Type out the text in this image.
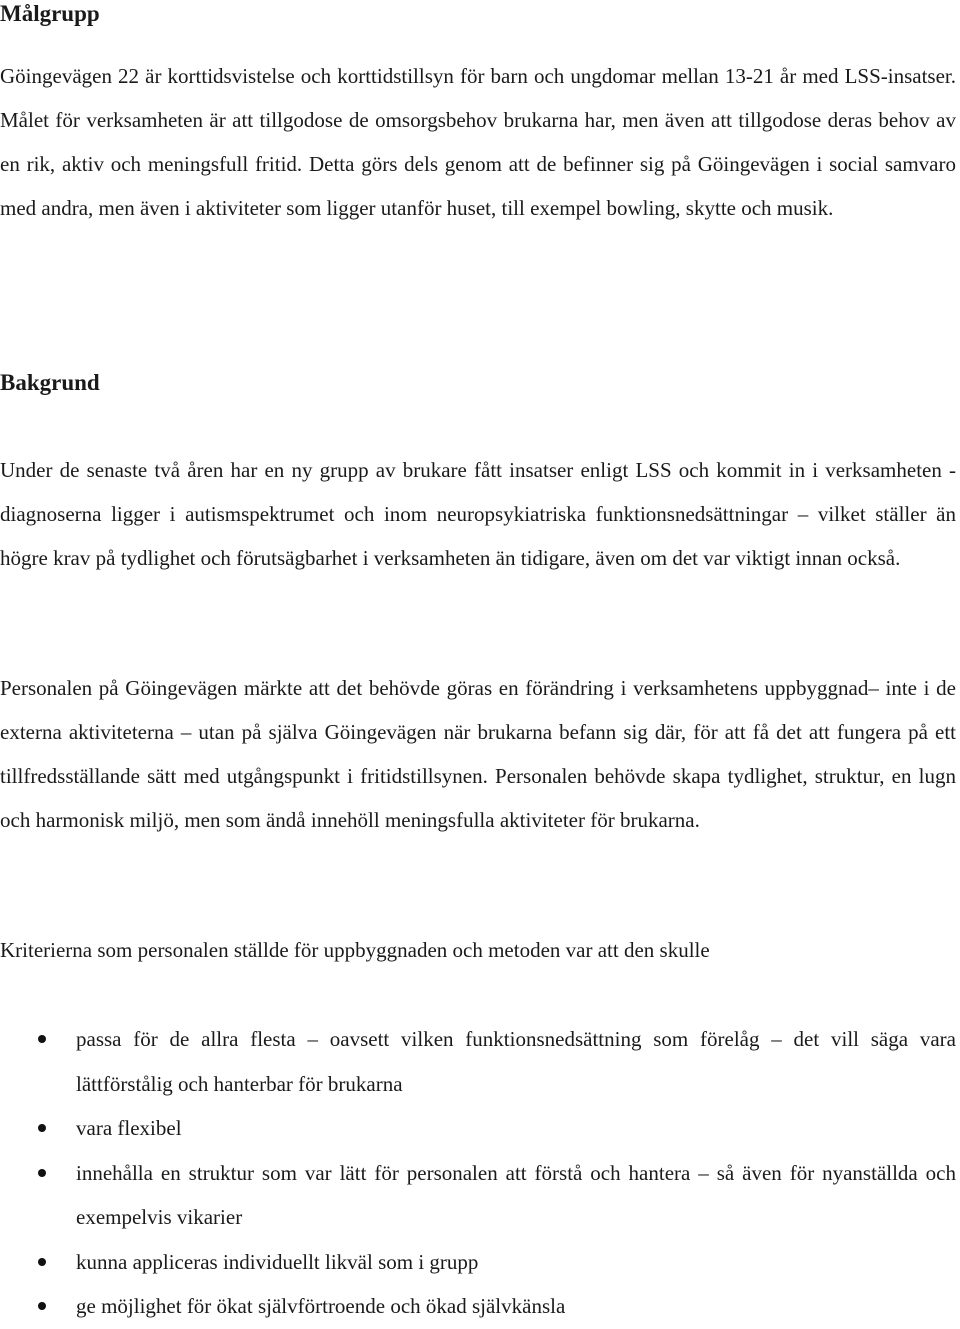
Målgrupp

Göingevägen 22 är korttidsvistelse och korttidstillsyn för barn och ungdomar mellan 13-21 år med LSS-insatser. Målet för verksamheten är att tillgodose de omsorgsbehov brukarna har, men även att tillgodose deras behov av en rik, aktiv och meningsfull fritid. Detta görs dels genom att de befinner sig på Göingevägen i social samvaro med andra, men även i aktiviteter som ligger utanför huset, till exempel bowling, skytte och musik.

Bakgrund

Under de senaste två åren har en ny grupp av brukare fått insatser enligt LSS och kommit in i verksamheten - diagnoserna ligger i autismspektrumet och inom neuropsykiatriska funktionsnedsättningar – vilket ställer än högre krav på tydlighet och förutsägbarhet i verksamheten än tidigare, även om det var viktigt innan också.

Personalen på Göingevägen märkte att det behövde göras en förändring i verksamhetens uppbyggnad– inte i de externa aktiviteterna – utan på själva Göingevägen när brukarna befann sig där, för att få det att fungera på ett tillfredsställande sätt med utgångspunkt i fritidstillsynen. Personalen behövde skapa tydlighet, struktur, en lugn och harmonisk miljö, men som ändå innehöll meningsfulla aktiviteter för brukarna.

Kriterierna som personalen ställde för uppbyggnaden och metoden var att den skulle

passa för de allra flesta – oavsett vilken funktionsnedsättning som förelåg – det vill säga vara lättförstålig och hanterbar för brukarna
vara flexibel
innehålla en struktur som var lätt för personalen att förstå och hantera – så även för nyanställda och exempelvis vikarier
kunna appliceras individuellt likväl som i grupp
ge möjlighet för ökat självförtroende och ökad självkänsla
